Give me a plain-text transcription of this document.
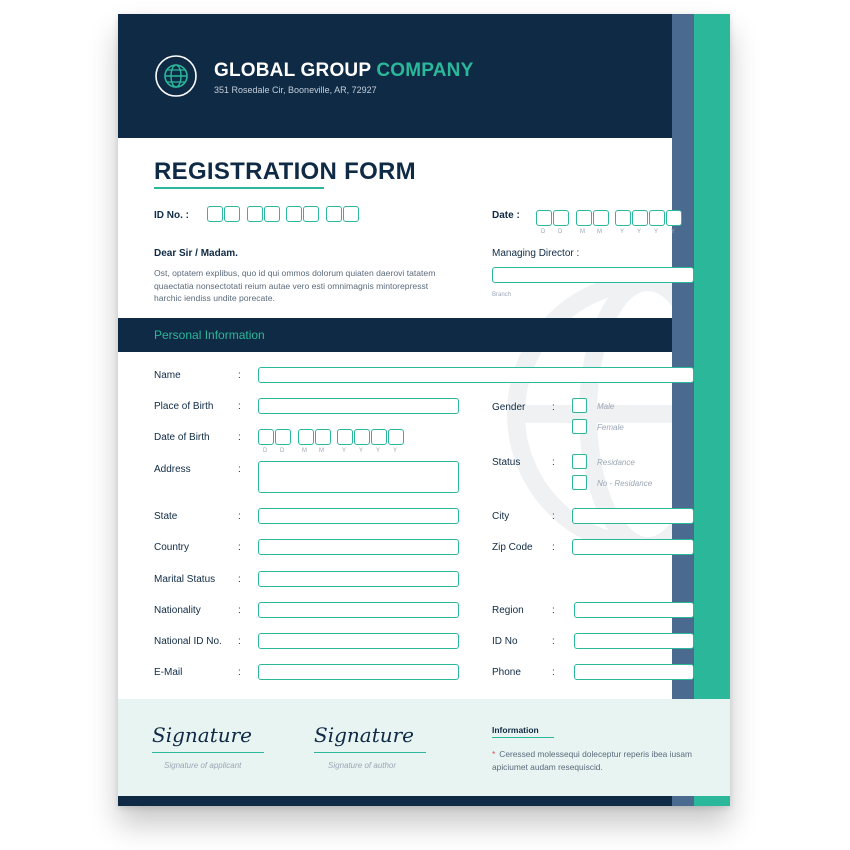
GLOBAL GROUP COMPANY
351 Rosedale Cir, Booneville, AR, 72927
REGISTRATION FORM
ID No. :	Date :
D D	M M	Y Y Y Y
Dear Sir / Madam.
Ost, optatem explibus, quo id qui ommos dolorum quiaten daerovi tatatem quaectatia nonsectotati reium autae vero esti omnimagnis mintorepresst harchic iendiss undite porecate.
Managing Director :
Branch
Personal Information
Name	:
Place of Birth :
Date of Birth	:
D D	M M	Y Y Y Y
Address	:
State	:
Country	:
Marital Status :
Nationality	:
National ID No. :
E-Mail	:
Gender	:	Male
Female
Status	:	Residance
No - Residance
City	:
Zip Code :
Region	:
ID No	:
Phone	:
Signature
Signature of applicant
Signature
Signature of author
Information
* Ceressed molessequi doleceptur reperis ibea iusam apiciumet audam resequiscid.
